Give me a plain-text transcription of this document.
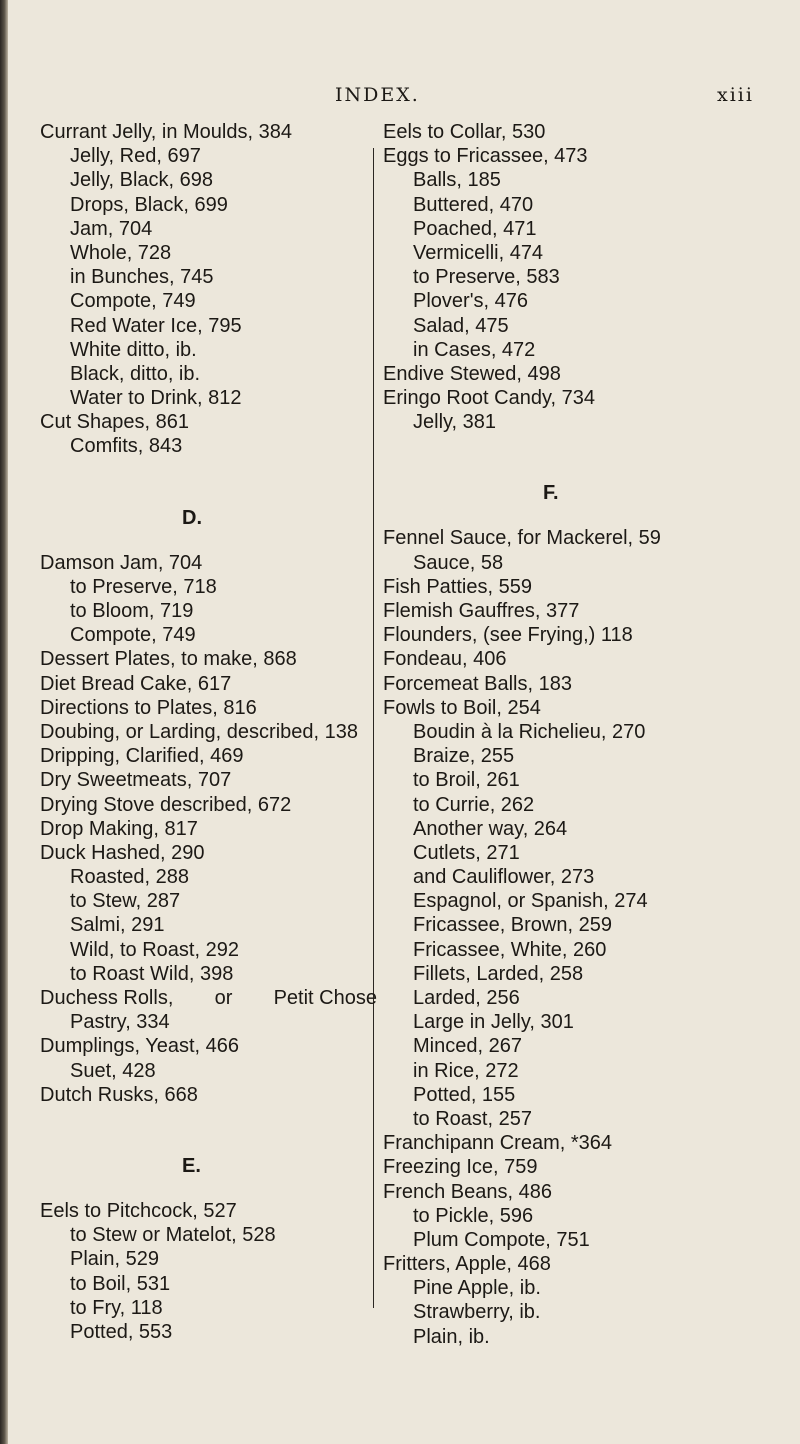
INDEX.	xiii
Currant Jelly, in Moulds, 384
Jelly, Red, 697
Jelly, Black, 698
Drops, Black, 699
Jam, 704
Whole, 728
in Bunches, 745
Compote, 749
Red Water Ice, 795
White ditto, ib.
Black, ditto, ib.
Water to Drink, 812
Cut Shapes, 861
Comfits, 843
D.
Damson Jam, 704
to Preserve, 718
to Bloom, 719
Compote, 749
Dessert Plates, to make, 868
Diet Bread Cake, 617
Directions to Plates, 816
Doubing, or Larding, described, 138
Dripping, Clarified, 469
Dry Sweetmeats, 707
Drying Stove described, 672
Drop Making, 817
Duck Hashed, 290
Roasted, 288
to Stew, 287
Salmi, 291
Wild, to Roast, 292
to Roast Wild, 398
Duchess Rolls, or Petit Chose
Pastry, 334
Dumplings, Yeast, 466
Suet, 428
Dutch Rusks, 668
E.
Eels to Pitchcock, 527
to Stew or Matelot, 528
Plain, 529
to Boil, 531
to Fry, 118
Potted, 553
Eels to Collar, 530
Eggs to Fricassee, 473
Balls, 185
Buttered, 470
Poached, 471
Vermicelli, 474
to Preserve, 583
Plover's, 476
Salad, 475
in Cases, 472
Endive Stewed, 498
Eringo Root Candy, 734
Jelly, 381
F.
Fennel Sauce, for Mackerel, 59
Sauce, 58
Fish Patties, 559
Flemish Gauffres, 377
Flounders, (see Frying,) 118
Fondeau, 406
Forcemeat Balls, 183
Fowls to Boil, 254
Boudin à la Richelieu, 270
Braize, 255
to Broil, 261
to Currie, 262
Another way, 264
Cutlets, 271
and Cauliflower, 273
Espagnol, or Spanish, 274
Fricassee, Brown, 259
Fricassee, White, 260
Fillets, Larded, 258
Larded, 256
Large in Jelly, 301
Minced, 267
in Rice, 272
Potted, 155
to Roast, 257
Franchipann Cream, *364
Freezing Ice, 759
French Beans, 486
to Pickle, 596
Plum Compote, 751
Fritters, Apple, 468
Pine Apple, ib.
Strawberry, ib.
Plain, ib.
